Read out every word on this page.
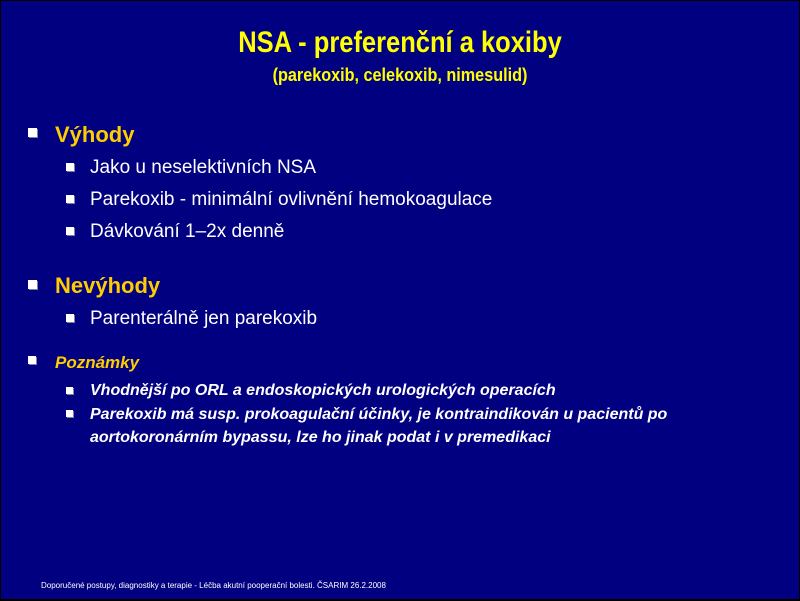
NSA - preferenční a koxiby
(parekoxib, celekoxib, nimesulid)
Výhody
Jako u neselektivních NSA
Parekoxib - minimální ovlivnění hemokoagulace
Dávkování 1–2x denně
Nevýhody
Parenterálně jen parekoxib
Poznámky
Vhodnější po ORL a endoskopických urologických operacích
Parekoxib má susp. prokoagulační účinky, je kontraindikován u pacientů po aortokoronárním bypassu, lze ho jinak podat i v premedikaci
Doporučené postupy, diagnostiky a terapie - Léčba akutní pooperační bolesti. ČSARIM 26.2.2008
